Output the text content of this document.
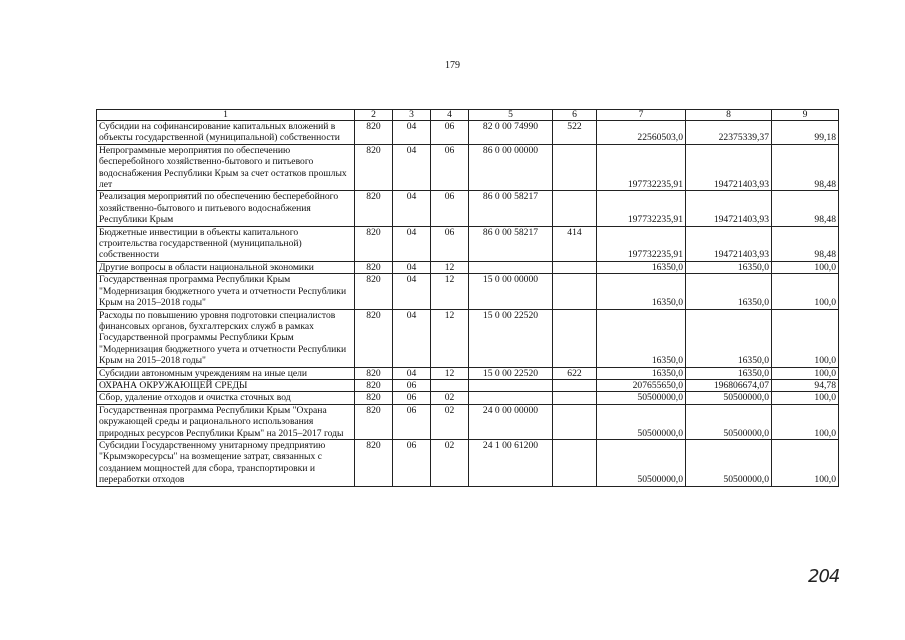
179
1	2	3	4	5	6	7	8	9
Субсидии на софинансирование капитальных вложений в объекты государственной (муниципальной) собственности	820	04	06	82 0 00 74990	522	22560503,0	22375339,37	99,18
Непрограммные мероприятия по обеспечению бесперебойного хозяйственно-бытового и питьевого водоснабжения Республики Крым за счет остатков прошлых лет	820	04	06	86 0 00 00000		197732235,91	194721403,93	98,48
Реализация мероприятий по обеспечению бесперебойного хозяйственно-бытового и питьевого водоснабжения Республики Крым	820	04	06	86 0 00 58217		197732235,91	194721403,93	98,48
Бюджетные инвестиции в объекты капитального строительства государственной (муниципальной) собственности	820	04	06	86 0 00 58217	414	197732235,91	194721403,93	98,48
Другие вопросы в области национальной экономики	820	04	12			16350,0	16350,0	100,0
Государственная программа Республики Крым "Модернизация бюджетного учета и отчетности Республики Крым на 2015–2018 годы"	820	04	12	15 0 00 00000		16350,0	16350,0	100,0
Расходы по повышению уровня подготовки специалистов финансовых органов, бухгалтерских служб в рамках Государственной программы Республики Крым "Модернизация бюджетного учета и отчетности Республики Крым на 2015–2018 годы"	820	04	12	15 0 00 22520		16350,0	16350,0	100,0
Субсидии автономным учреждениям на иные цели	820	04	12	15 0 00 22520	622	16350,0	16350,0	100,0
ОХРАНА ОКРУЖАЮЩЕЙ СРЕДЫ	820	06				207655650,0	196806674,07	94,78
Сбор, удаление отходов и очистка сточных вод	820	06	02			50500000,0	50500000,0	100,0
Государственная программа Республики Крым "Охрана окружающей среды и рационального использования природных ресурсов Республики Крым" на 2015–2017 годы	820	06	02	24 0 00 00000		50500000,0	50500000,0	100,0
Субсидии Государственному унитарному предприятию "Крымэкоресурсы" на возмещение затрат, связанных с созданием мощностей для сбора, транспортировки и переработки отходов	820	06	02	24 1 00 61200		50500000,0	50500000,0	100,0
204
